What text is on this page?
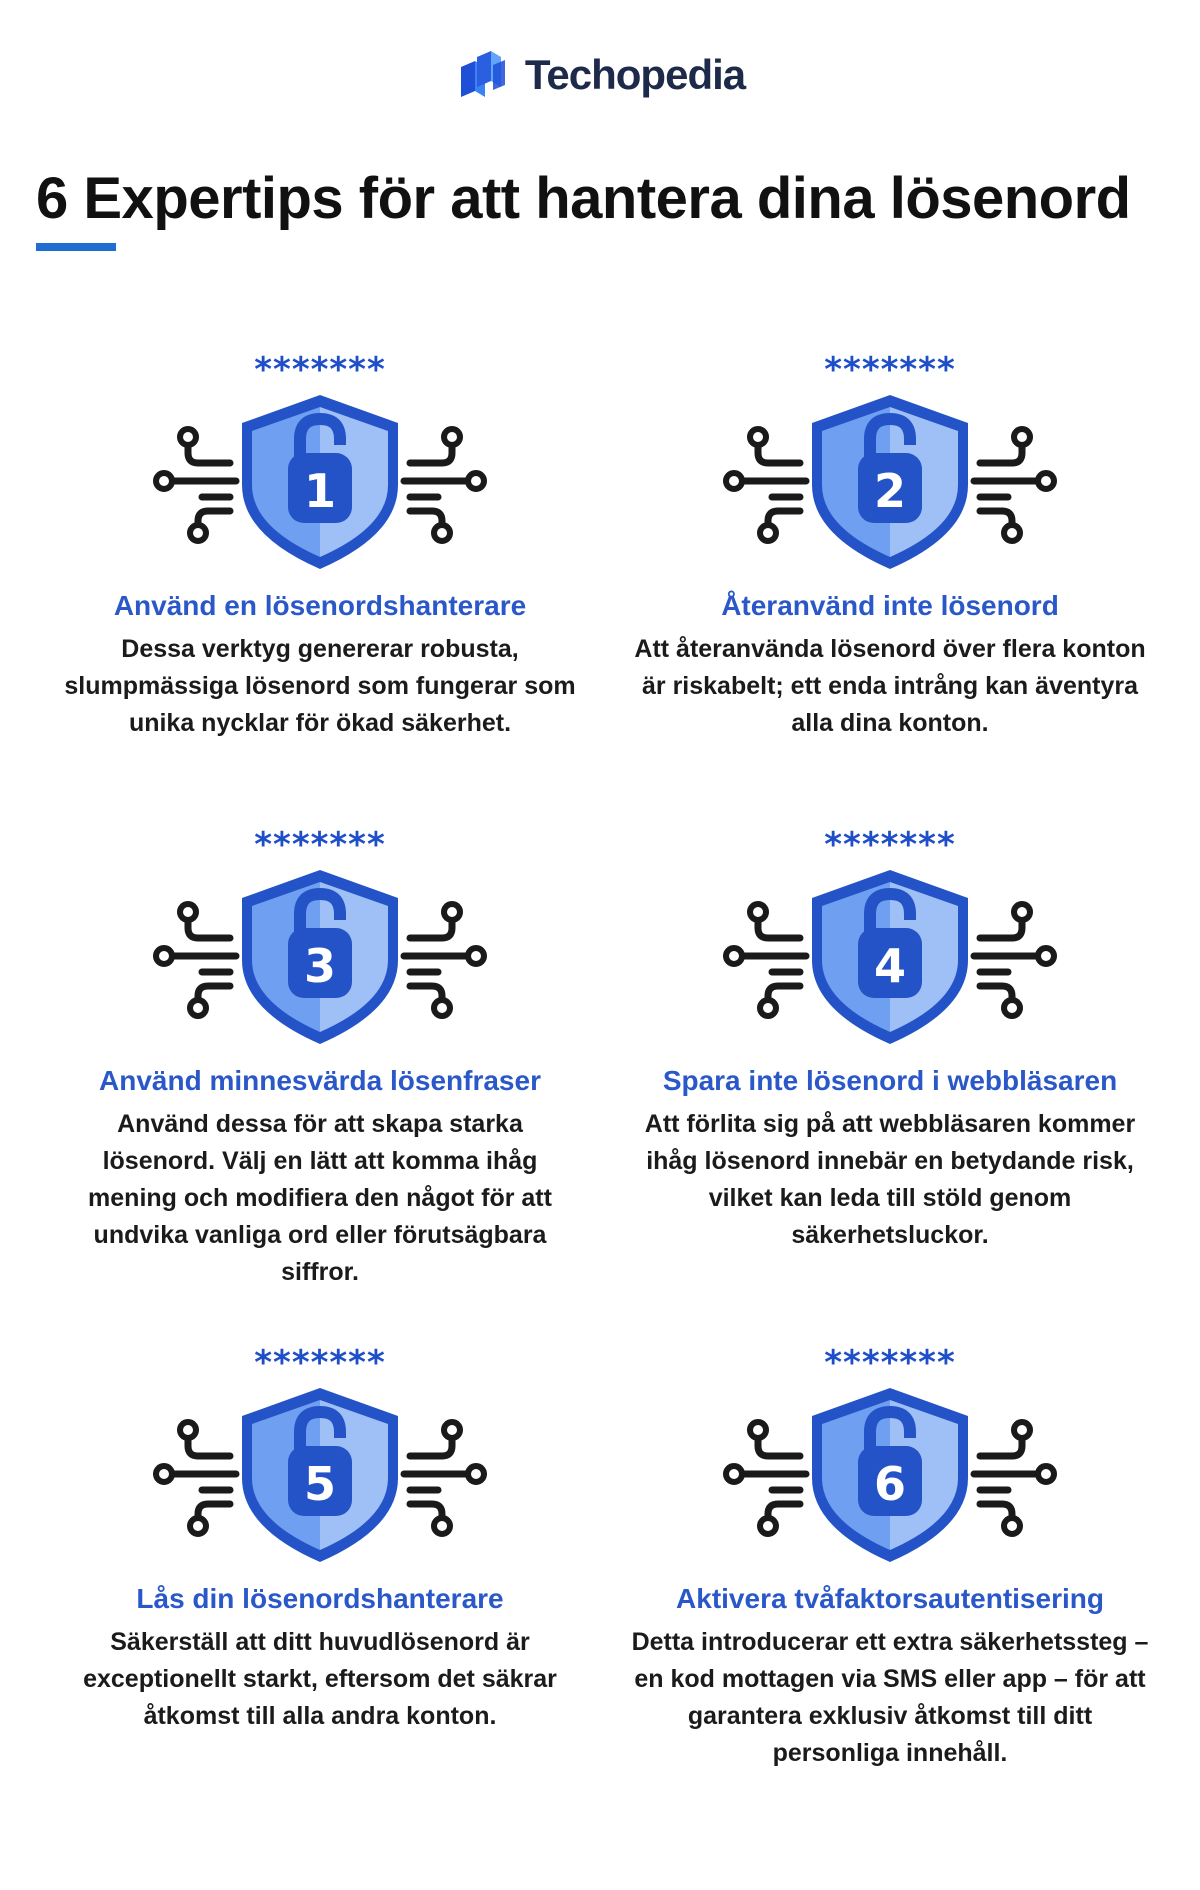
Techopedia
6 Expertips för att hantera dina lösenord
*******
1
Använd en lösenordshanterare
Dessa verktyg genererar robusta, slumpmässiga lösenord som fungerar som unika nycklar för ökad säkerhet.
*******
2
Återanvänd inte lösenord
Att återanvända lösenord över flera konton är riskabelt; ett enda intrång kan äventyra alla dina konton.
*******
3
Använd minnesvärda lösenfraser
Använd dessa för att skapa starka lösenord. Välj en lätt att komma ihåg mening och modifiera den något för att undvika vanliga ord eller förutsägbara siffror.
*******
4
Spara inte lösenord i webbläsaren
Att förlita sig på att webbläsaren kommer ihåg lösenord innebär en betydande risk, vilket kan leda till stöld genom säkerhetsluckor.
*******
5
Lås din lösenordshanterare
Säkerställ att ditt huvudlösenord är exceptionellt starkt, eftersom det säkrar åtkomst till alla andra konton.
*******
6
Aktivera tvåfaktorsautentisering
Detta introducerar ett extra säkerhetssteg – en kod mottagen via SMS eller app – för att garantera exklusiv åtkomst till ditt personliga innehåll.
